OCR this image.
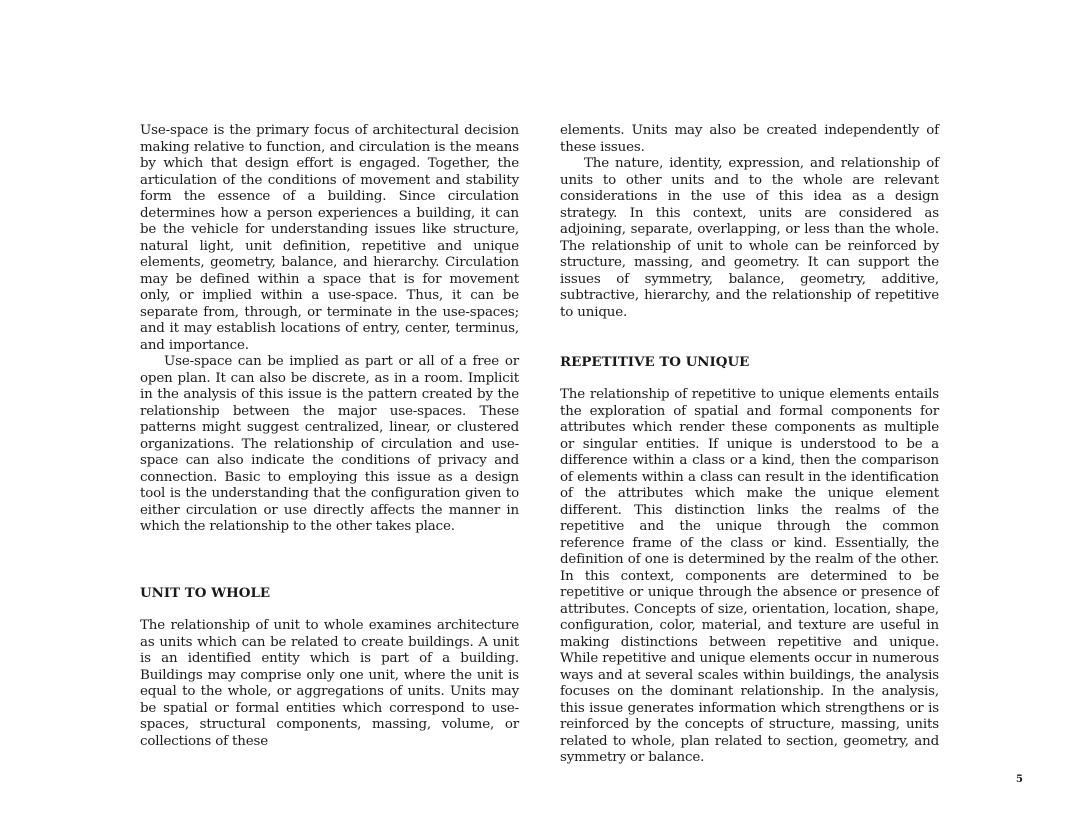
Use-space is the primary focus of architectural decision making relative to function, and circulation is the means by which that design effort is engaged. Together, the articulation of the conditions of movement and stability form the essence of a building. Since circulation determines how a person experiences a building, it can be the vehicle for understanding issues like structure, natural light, unit definition, repetitive and unique elements, geometry, balance, and hierarchy. Circulation may be defined within a space that is for movement only, or implied within a use-space. Thus, it can be separate from, through, or terminate in the use-spaces; and it may establish locations of entry, center, terminus, and importance.

Use-space can be implied as part or all of a free or open plan. It can also be discrete, as in a room. Implicit in the analysis of this issue is the pattern created by the relationship between the major use-spaces. These patterns might suggest centralized, linear, or clustered organizations. The relationship of circulation and use-space can also indicate the conditions of privacy and connection. Basic to employing this issue as a design tool is the understanding that the configuration given to either circulation or use directly affects the manner in which the relationship to the other takes place.

UNIT TO WHOLE

The relationship of unit to whole examines architecture as units which can be related to create buildings. A unit is an identified entity which is part of a building. Buildings may comprise only one unit, where the unit is equal to the whole, or aggregations of units. Units may be spatial or formal entities which correspond to use-spaces, structural components, massing, volume, or collections of these

elements. Units may also be created independently of these issues.

The nature, identity, expression, and relationship of units to other units and to the whole are relevant considerations in the use of this idea as a design strategy. In this context, units are considered as adjoining, separate, overlapping, or less than the whole. The relationship of unit to whole can be reinforced by structure, massing, and geometry. It can support the issues of symmetry, balance, geometry, additive, subtractive, hierarchy, and the relationship of repetitive to unique.

REPETITIVE TO UNIQUE

The relationship of repetitive to unique elements entails the exploration of spatial and formal components for attributes which render these components as multiple or singular entities. If unique is understood to be a difference within a class or a kind, then the comparison of elements within a class can result in the identification of the attributes which make the unique element different. This distinction links the realms of the repetitive and the unique through the common reference frame of the class or kind. Essentially, the definition of one is determined by the realm of the other. In this context, components are determined to be repetitive or unique through the absence or presence of attributes. Concepts of size, orientation, location, shape, configuration, color, material, and texture are useful in making distinctions between repetitive and unique. While repetitive and unique elements occur in numerous ways and at several scales within buildings, the analysis focuses on the dominant relationship. In the analysis, this issue generates information which strengthens or is reinforced by the concepts of structure, massing, units related to whole, plan related to section, geometry, and symmetry or balance.

5
